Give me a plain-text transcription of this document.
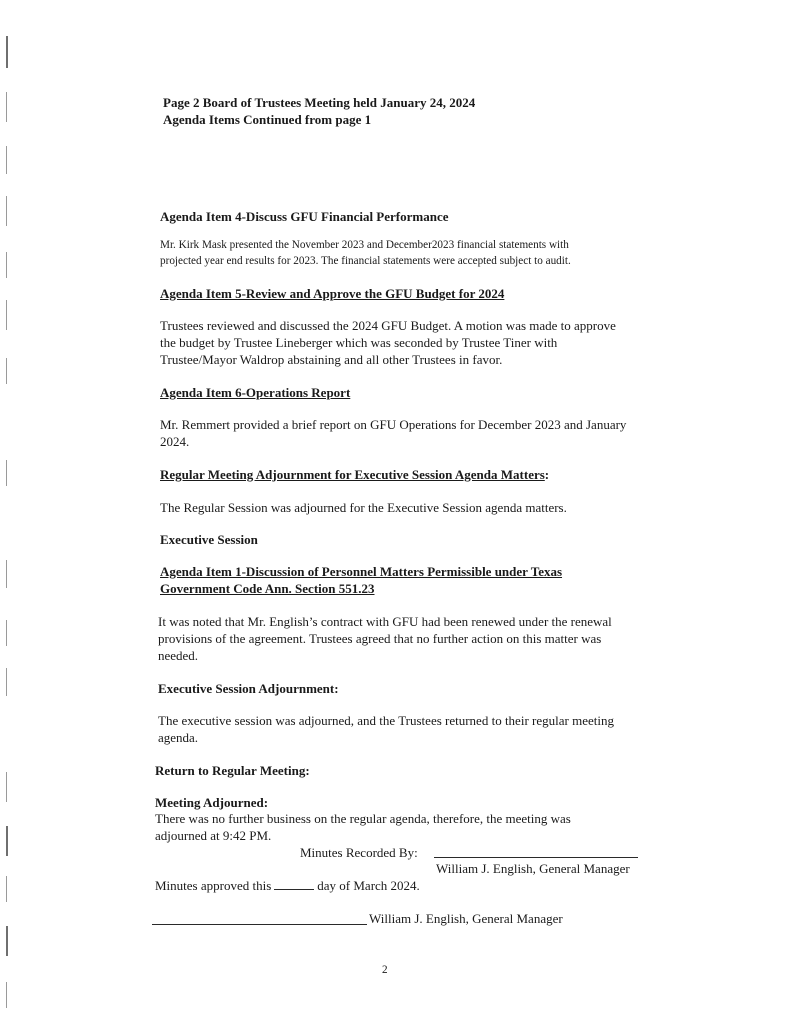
Page 2 Board of Trustees Meeting held January 24, 2024
Agenda Items Continued from page 1
Agenda Item 4-Discuss GFU Financial Performance
Mr. Kirk Mask presented the November 2023 and December2023 financial statements with
projected year end results for 2023. The financial statements were accepted subject to audit.
Agenda Item 5-Review and Approve the GFU Budget for 2024
Trustees reviewed and discussed the 2024 GFU Budget. A motion was made to approve
the budget by Trustee Lineberger which was seconded by Trustee Tiner with
Trustee/Mayor Waldrop abstaining and all other Trustees in favor.
Agenda Item 6-Operations Report
Mr. Remmert provided a brief report on GFU Operations for December 2023 and January
2024.
Regular Meeting Adjournment for Executive Session Agenda Matters:
The Regular Session was adjourned for the Executive Session agenda matters.
Executive Session
Agenda Item 1-Discussion of Personnel Matters Permissible under Texas
Government Code Ann. Section 551.23
It was noted that Mr. English’s contract with GFU had been renewed under the renewal
provisions of the agreement. Trustees agreed that no further action on this matter was
needed.
Executive Session Adjournment:
The executive session was adjourned, and the Trustees returned to their regular meeting
agenda.
Return to Regular Meeting:
Meeting Adjourned:
There was no further business on the regular agenda, therefore, the meeting was
adjourned at 9:42 PM.
Minutes Recorded By:
William J. English, General Manager
Minutes approved this	day of March 2024.
William J. English, General Manager
2
